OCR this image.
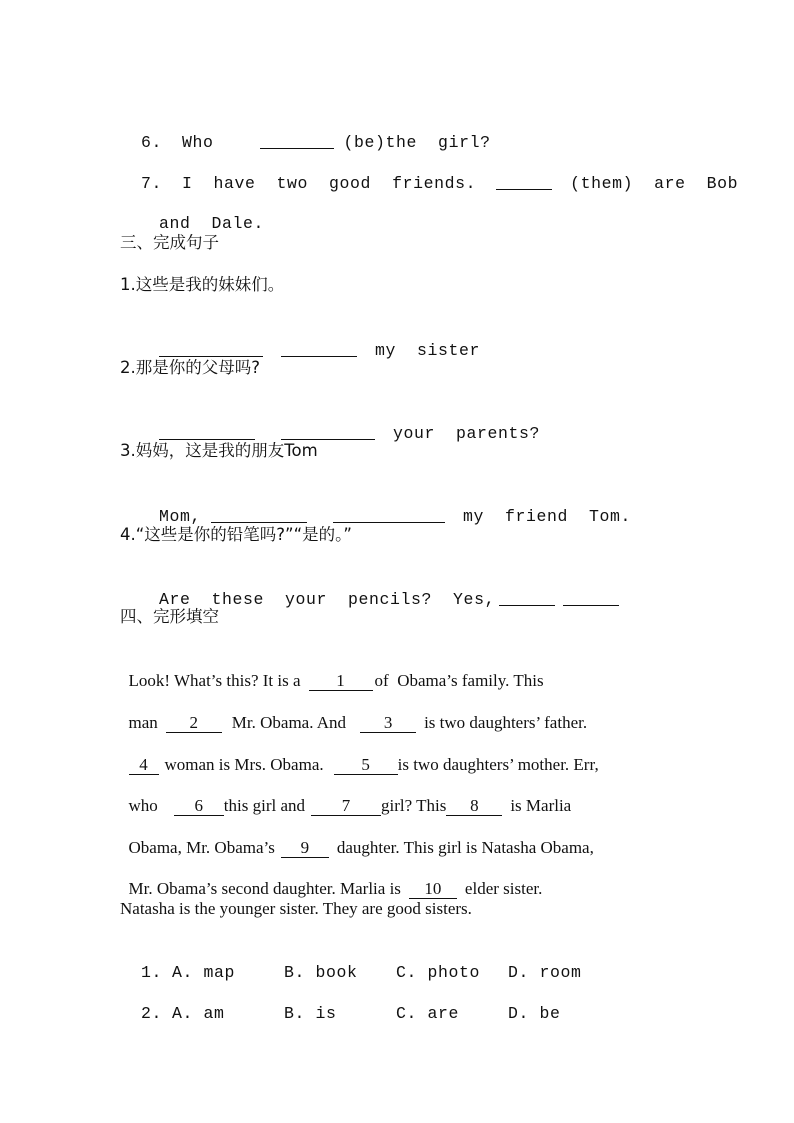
6. Who	(be)the  girl?

7. I  have  two  good  friends.	(them)  are  Bob

and  Dale.

三、完成句子
1.这些是我的妹妹们。

my  sister

2.那是你的父母吗?

your  parents?

3.妈妈，这是我的朋友Tom

Mom,	my  friend  Tom.

4.“这些是你的铅笔吗?”“是的。”

Are  these  your  pencils?  Yes,

四、完形填空

Look! What’s this? It is a 1 of  Obama’s family. This

man 2 Mr. Obama. And 3 is two daughters’ father.

4 woman is Mrs. Obama. 5 is two daughters’ mother. Err,

who 6 this girl and 7 girl? This 8 is Marlia

Obama, Mr. Obama’s 9 daughter. This girl is Natasha Obama,

Mr. Obama’s second daughter. Marlia is 10 elder sister.

Natasha is the younger sister. They are good sisters.

1. A. map	B. book C. photo D. room

2. A. am	B. is	C. are	D. be
